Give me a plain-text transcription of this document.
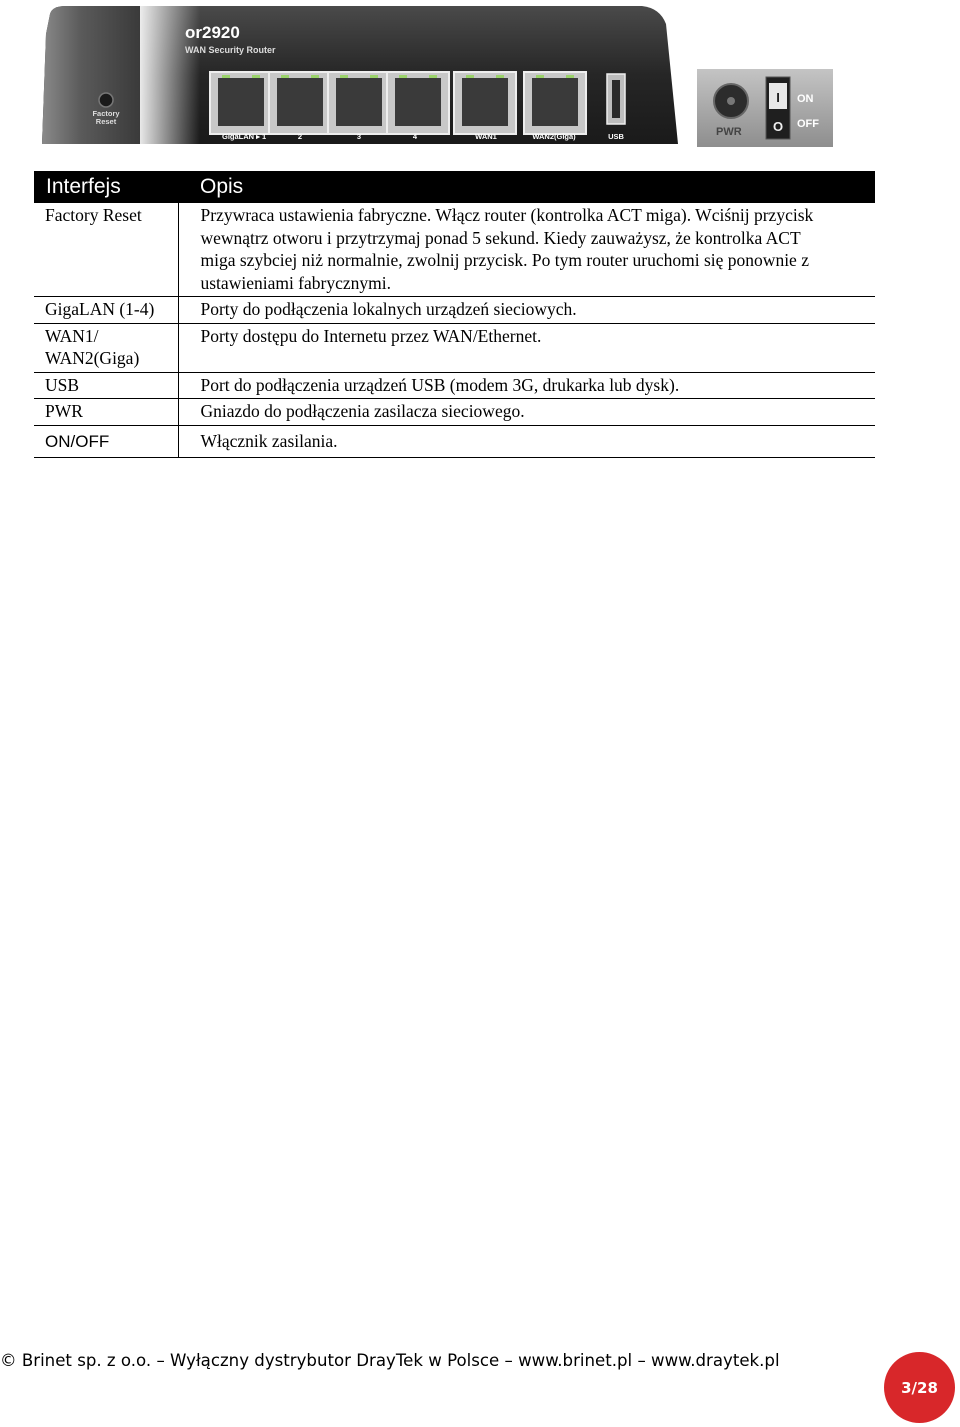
Factory
Reset
or2920
WAN Security Router
GigaLAN ▸ 1	2	3	4	WAN1	WAN2(Giga)	USB	PWR
I
O
ON
OFF
Interfejs	Opis
Factory Reset	Przywraca ustawienia fabryczne. Włącz router (kontrolka ACT miga). Wciśnij przycisk wewnątrz otworu i przytrzymaj ponad 5 sekund. Kiedy zauważysz, że kontrolka ACT miga szybciej niż normalnie, zwolnij przycisk. Po tym router uruchomi się ponownie z ustawieniami fabrycznymi.
GigaLAN (1-4)	Porty do podłączenia lokalnych urządzeń sieciowych.
WAN1/ WAN2(Giga)	Porty dostępu do Internetu przez WAN/Ethernet.
USB	Port do podłączenia urządzeń USB (modem 3G, drukarka lub dysk).
PWR	Gniazdo do podłączenia zasilacza sieciowego.
ON/OFF	Włącznik zasilania.
© Brinet sp. z o.o. – Wyłączny dystrybutor DrayTek w Polsce – www.brinet.pl – www.draytek.pl
3/28
